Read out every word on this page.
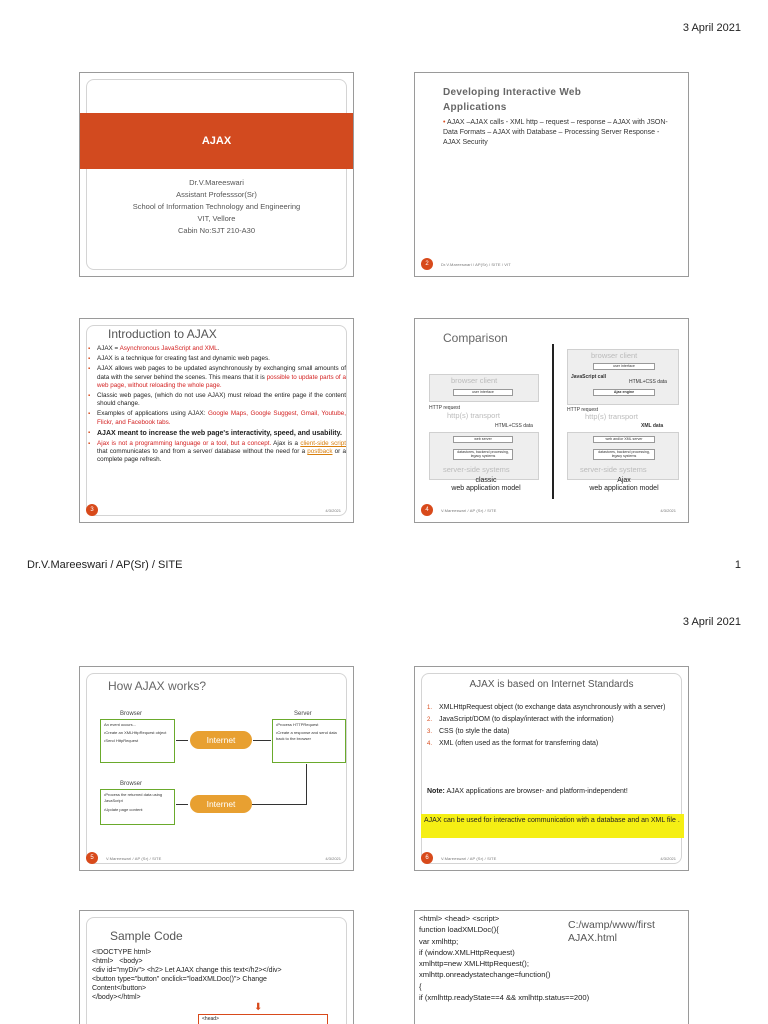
3 April 2021
AJAX
Dr.V.Mareeswari
Assistant Professsor(Sr)
School of Information Technology and Engineering
VIT, Vellore
Cabin No:SJT 210-A30
Developing Interactive Web
Applications
• AJAX –AJAX calls - XML http – request – response – AJAX with JSON- Data Formats – AJAX with Database – Processing Server Response - AJAX Security
2	Dr.V.Mareeswari / AP(Sr) / SITE / VIT
Introduction to AJAX
▪ AJAX = Asynchronous JavaScript and XML.
▪ AJAX is a technique for creating fast and dynamic web pages.
▪ AJAX allows web pages to be updated asynchronously by exchanging small amounts of data with the server behind the scenes. This means that it is possible to update parts of a web page, without reloading the whole page.
▪ Classic web pages, (which do not use AJAX) must reload the entire page if the content should change.
▪ Examples of applications using AJAX: Google Maps, Google Suggest, Gmail, Youtube, Flickr, and Facebook tabs.
▪ AJAX meant to increase the web page's interactivity, speed, and usability.
▪ Ajax is not a programming language or a tool, but a concept. Ajax is a client-side script that communicates to and from a server/ database without the need for a postback or a complete page refresh.
3	4/3/2021
Comparison
browser client
user interface
HTTP request
http(s) transport
HTML+CSS data
web server
datastores, backend processing, legacy systems
server-side systems
classic
web application model
browser client
user interface
JavaScript call
HTML+CSS data
Ajax engine
HTTP request
http(s) transport
XML data
web and/or XML server
datastores, backend processing, legacy systems
server-side systems
Ajax
web application model
4	V.Mareeswari / AP (Sr) / SITE	4/3/2021
Dr.V.Mareeswari / AP(Sr) / SITE	1
3 April 2021
How AJAX works?
Browser
An event occurs...
•Create an XMLHttpRequest object
•Send HttpRequest	Internet
Server
•Process HTTPRequest
•Create a response and send data back to the browser
Internet
Browser
•Process the returned data using JavaScript
•Update page content
5	V.Mareeswari / AP (Sr) / SITE	4/3/2021
AJAX is based on Internet Standards
1. XMLHttpRequest object (to exchange data asynchronously with a server)
2. JavaScript/DOM (to display/interact with the information)
3. CSS (to style the data)
4. XML (often used as the format for transferring data)
Note: AJAX applications are browser- and platform-independent!
AJAX can be used for interactive communication with a database and an XML file .
6	V.Mareeswari / AP (Sr) / SITE	4/3/2021
Sample Code
<!DOCTYPE html>
<html>   <body>
<div id="myDiv"> <h2> Let AJAX change this text</h2></div>
<button type="button" onclick="loadXMLDoc()"> Change
Content</button>
</body></html>
⬇
<head>
<html> <head> <script>
function loadXMLDoc(){
var xmlhttp;
if (window.XMLHttpRequest)
xmlhttp=new XMLHttpRequest();
xmlhttp.onreadystatechange=function()
{
if (xmlhttp.readyState==4 && xmlhttp.status==200)
C:/wamp/www/first
AJAX.html
